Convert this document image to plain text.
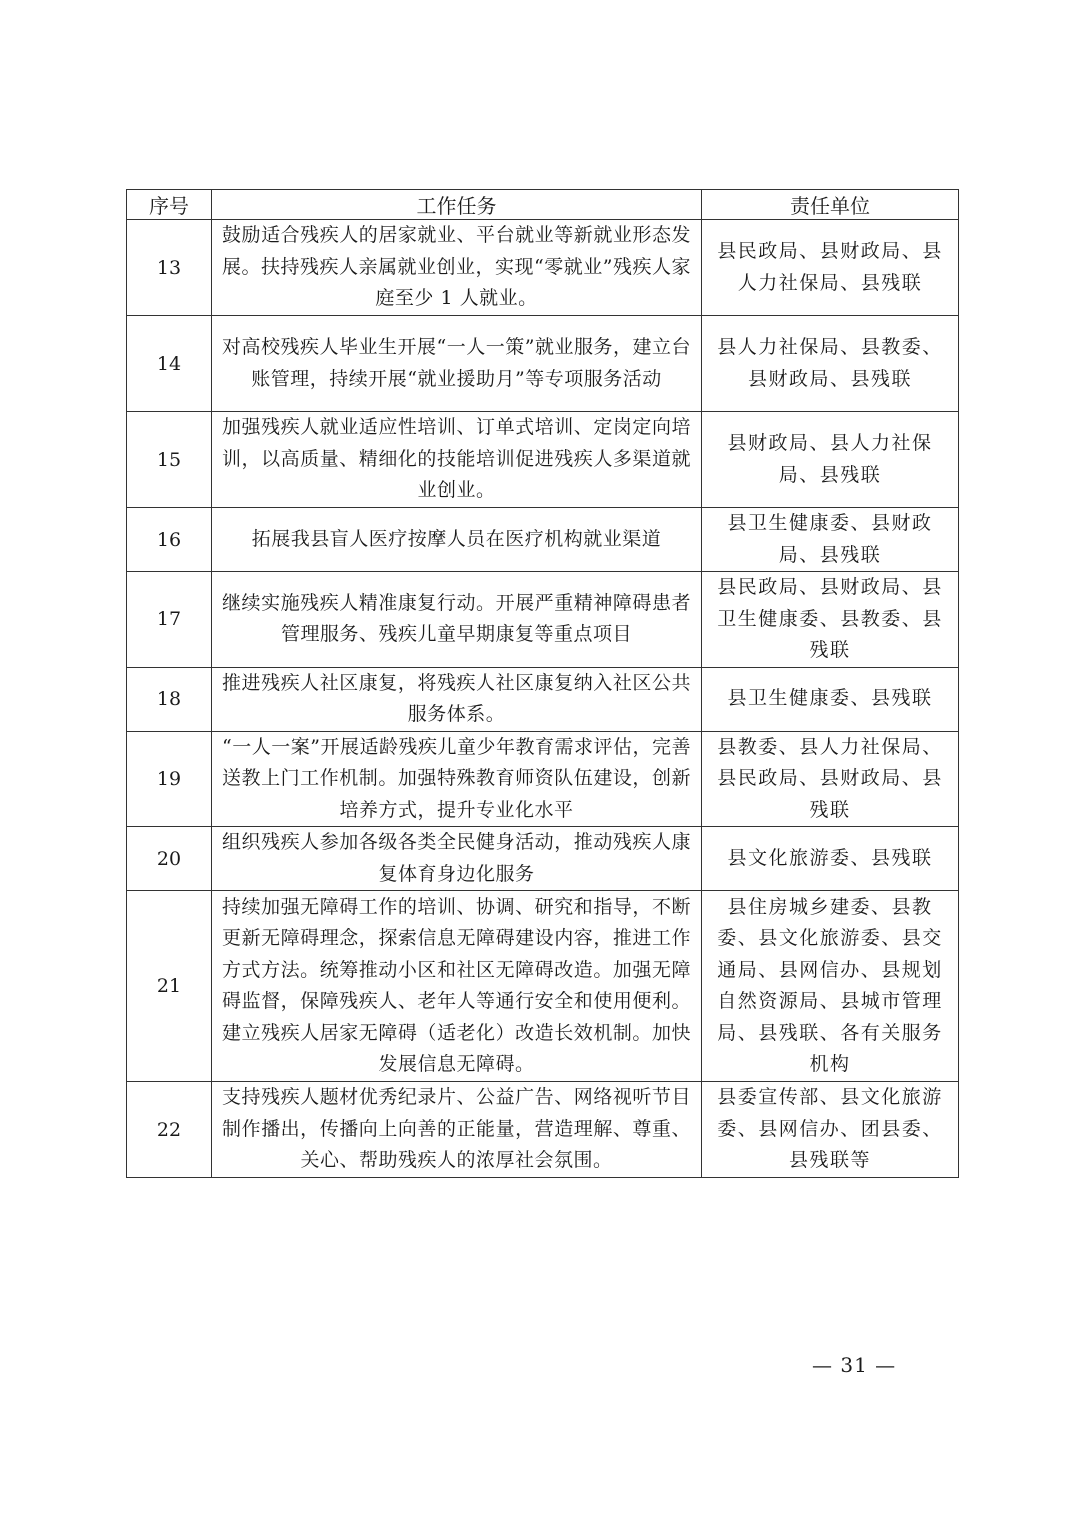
序号	工作任务	责任单位
13	鼓励适合残疾人的居家就业、平台就业等新就业形态发展。扶持残疾人亲属就业创业，实现“零就业”残疾人家庭至少 1 人就业。	县民政局、县财政局、县人力社保局、县残联
14	对高校残疾人毕业生开展“一人一策”就业服务，建立台账管理，持续开展“就业援助月”等专项服务活动	县人力社保局、县教委、县财政局、县残联
15	加强残疾人就业适应性培训、订单式培训、定岗定向培训，以高质量、精细化的技能培训促进残疾人多渠道就业创业。	县财政局、县人力社保局、县残联
16	拓展我县盲人医疗按摩人员在医疗机构就业渠道	县卫生健康委、县财政局、县残联
17	继续实施残疾人精准康复行动。开展严重精神障碍患者管理服务、残疾儿童早期康复等重点项目	县民政局、县财政局、县卫生健康委、县教委、县残联
18	推进残疾人社区康复，将残疾人社区康复纳入社区公共服务体系。	县卫生健康委、县残联
19	“一人一案”开展适龄残疾儿童少年教育需求评估，完善送教上门工作机制。加强特殊教育师资队伍建设，创新培养方式，提升专业化水平	县教委、县人力社保局、县民政局、县财政局、县残联
20	组织残疾人参加各级各类全民健身活动，推动残疾人康复体育身边化服务	县文化旅游委、县残联
21	持续加强无障碍工作的培训、协调、研究和指导，不断更新无障碍理念，探索信息无障碍建设内容，推进工作方式方法。统筹推动小区和社区无障碍改造。加强无障碍监督，保障残疾人、老年人等通行安全和使用便利。建立残疾人居家无障碍（适老化）改造长效机制。加快发展信息无障碍。	县住房城乡建委、县教委、县文化旅游委、县交通局、县网信办、县规划自然资源局、县城市管理局、县残联、各有关服务机构
22	支持残疾人题材优秀纪录片、公益广告、网络视听节目制作播出，传播向上向善的正能量，营造理解、尊重、关心、帮助残疾人的浓厚社会氛围。	县委宣传部、县文化旅游委、县网信办、团县委、县残联等
— 31 —
